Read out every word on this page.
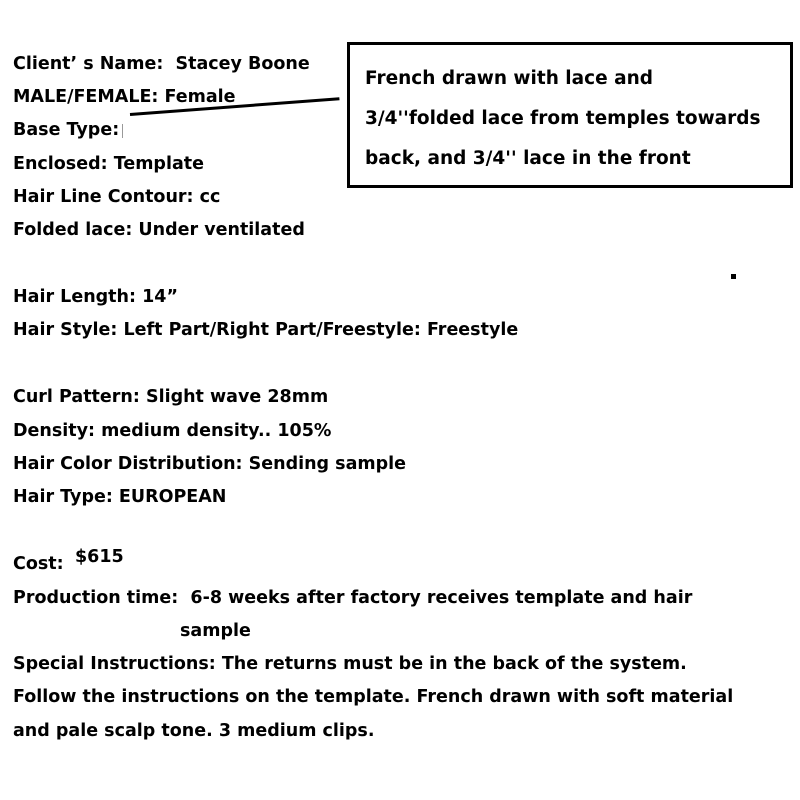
Client’ s Name:  Stacey Boone
MALE/FEMALE: Female
Base Type:
Enclosed: Template
Hair Line Contour: cc
Folded lace: Under ventilated
Hair Length: 14”
Hair Style: Left Part/Right Part/Freestyle: Freestyle
Curl Pattern: Slight wave 28mm
Density: medium density.. 105%
Hair Color Distribution: Sending sample
Hair Type: EUROPEAN
Cost: $615
Production time:  6-8 weeks after factory receives template and hair
sample
Special Instructions: The returns must be in the back of the system.
Follow the instructions on the template. French drawn with soft material
and pale scalp tone. 3 medium clips.
French drawn with lace and
3/4''folded lace from temples towards
back, and 3/4'' lace in the front
